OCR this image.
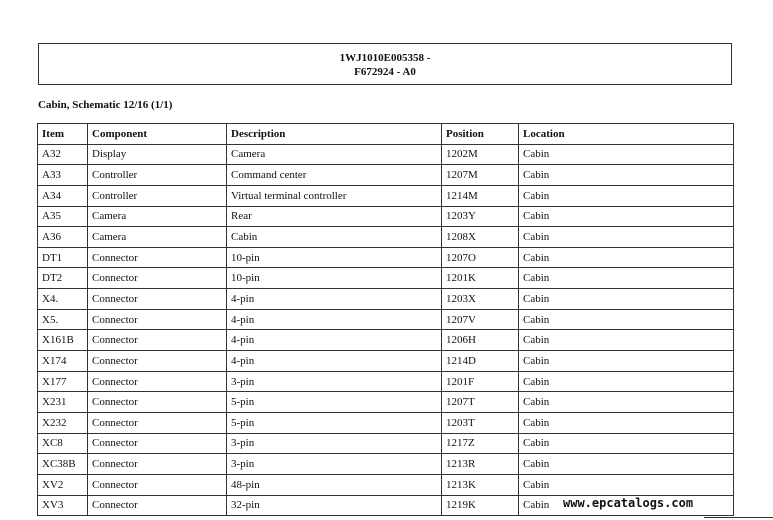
1WJ1010E005358 -
F672924 - A0
Cabin, Schematic 12/16 (1/1)
Item	Component	Description	Position	Location
A32	Display	Camera	1202M	Cabin
A33	Controller	Command center	1207M	Cabin
A34	Controller	Virtual terminal controller	1214M	Cabin
A35	Camera	Rear	1203Y	Cabin
A36	Camera	Cabin	1208X	Cabin
DT1	Connector	10-pin	1207O	Cabin
DT2	Connector	10-pin	1201K	Cabin
X4.	Connector	4-pin	1203X	Cabin
X5.	Connector	4-pin	1207V	Cabin
X161B	Connector	4-pin	1206H	Cabin
X174	Connector	4-pin	1214D	Cabin
X177	Connector	3-pin	1201F	Cabin
X231	Connector	5-pin	1207T	Cabin
X232	Connector	5-pin	1203T	Cabin
XC8	Connector	3-pin	1217Z	Cabin
XC38B	Connector	3-pin	1213R	Cabin
XV2	Connector	48-pin	1213K	Cabin
XV3	Connector	32-pin	1219K	Cabin	www.epcatalogs.com
